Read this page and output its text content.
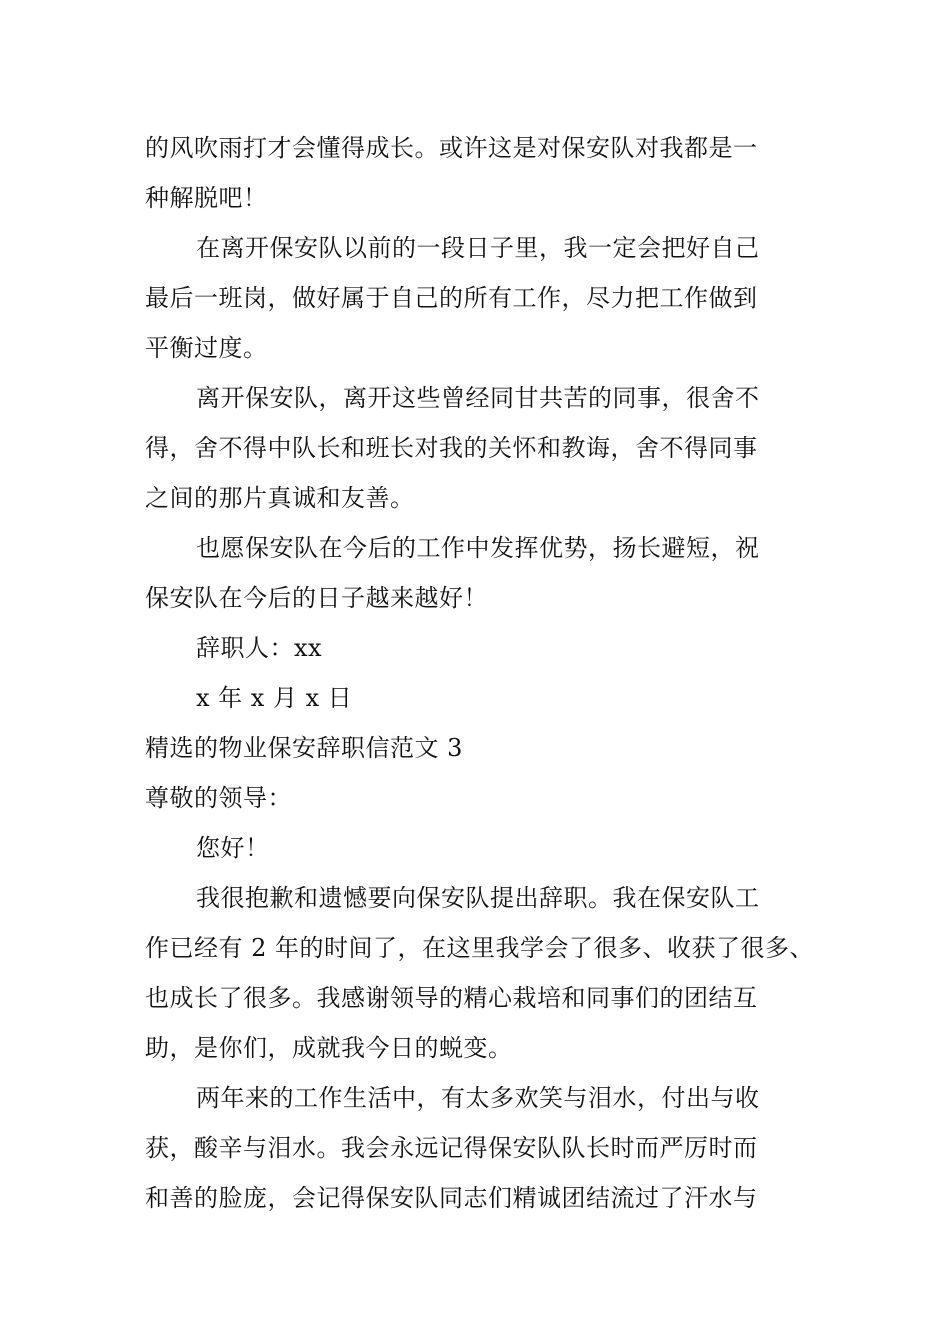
的风吹雨打才会懂得成长。或许这是对保安队对我都是一
种解脱吧！
在离开保安队以前的一段日子里，我一定会把好自己
最后一班岗，做好属于自己的所有工作，尽力把工作做到
平衡过度。
离开保安队，离开这些曾经同甘共苦的同事，很舍不
得，舍不得中队长和班长对我的关怀和教诲，舍不得同事
之间的那片真诚和友善。
也愿保安队在今后的工作中发挥优势，扬长避短，祝
保安队在今后的日子越来越好！
辞职人：xx
x 年 x 月 x 日
精选的物业保安辞职信范文 3
尊敬的领导：
您好！
我很抱歉和遗憾要向保安队提出辞职。我在保安队工
作已经有 2 年的时间了，在这里我学会了很多、收获了很多、
也成长了很多。我感谢领导的精心栽培和同事们的团结互
助，是你们，成就我今日的蜕变。
两年来的工作生活中，有太多欢笑与泪水，付出与收
获，酸辛与泪水。我会永远记得保安队队长时而严厉时而
和善的脸庞，会记得保安队同志们精诚团结流过了汗水与
